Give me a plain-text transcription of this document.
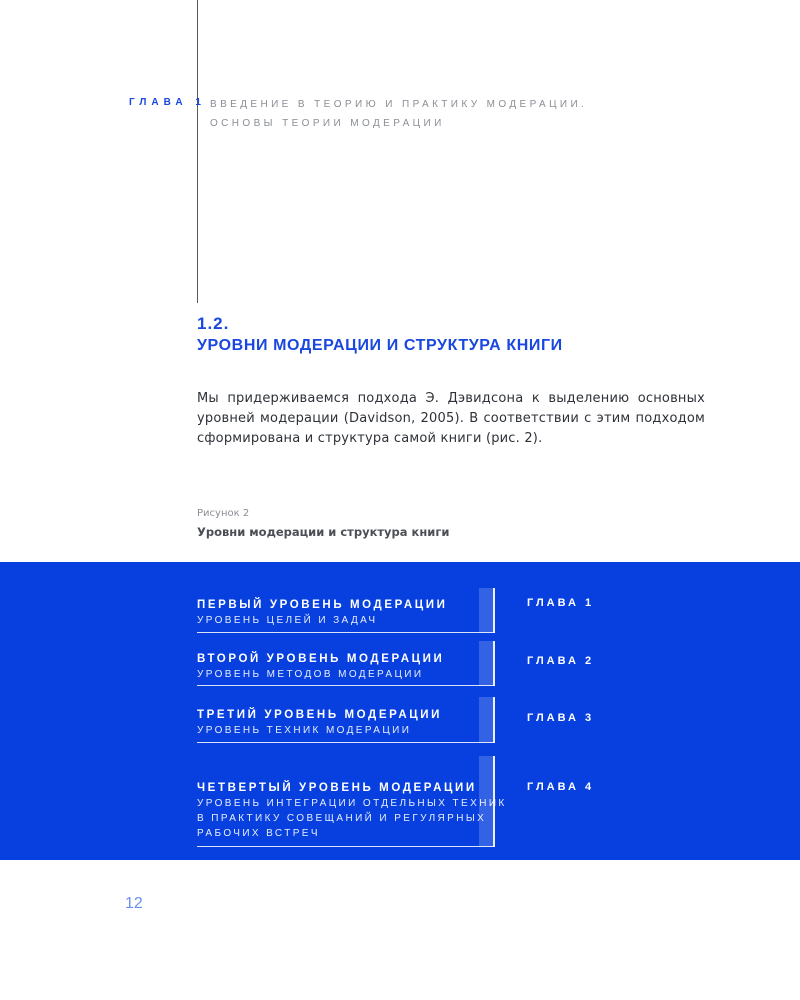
ГЛАВА 1 ВВЕДЕНИЕ В ТЕОРИЮ И ПРАКТИКУ МОДЕРАЦИИ.
ОСНОВЫ ТЕОРИИ МОДЕРАЦИИ
1.2.
УРОВНИ МОДЕРАЦИИ И СТРУКТУРА КНИГИ
Мы придерживаемся подхода Э. Дэвидсона к выделению основных уровней модерации (Davidson, 2005). В соответствии с этим подходом сформирована и структура самой книги (рис. 2).
Рисунок 2
Уровни модерации и структура книги
ПЕРВЫЙ УРОВЕНЬ МОДЕРАЦИИ
УРОВЕНЬ ЦЕЛЕЙ И ЗАДАЧ
ГЛАВА 1
ВТОРОЙ УРОВЕНЬ МОДЕРАЦИИ
УРОВЕНЬ МЕТОДОВ МОДЕРАЦИИ
ГЛАВА 2
ТРЕТИЙ УРОВЕНЬ МОДЕРАЦИИ
УРОВЕНЬ ТЕХНИК МОДЕРАЦИИ
ГЛАВА 3
ЧЕТВЕРТЫЙ УРОВЕНЬ МОДЕРАЦИИ
УРОВЕНЬ ИНТЕГРАЦИИ ОТДЕЛЬНЫХ ТЕХНИК
В ПРАКТИКУ СОВЕЩАНИЙ И РЕГУЛЯРНЫХ
РАБОЧИХ ВСТРЕЧ
ГЛАВА 4
12
